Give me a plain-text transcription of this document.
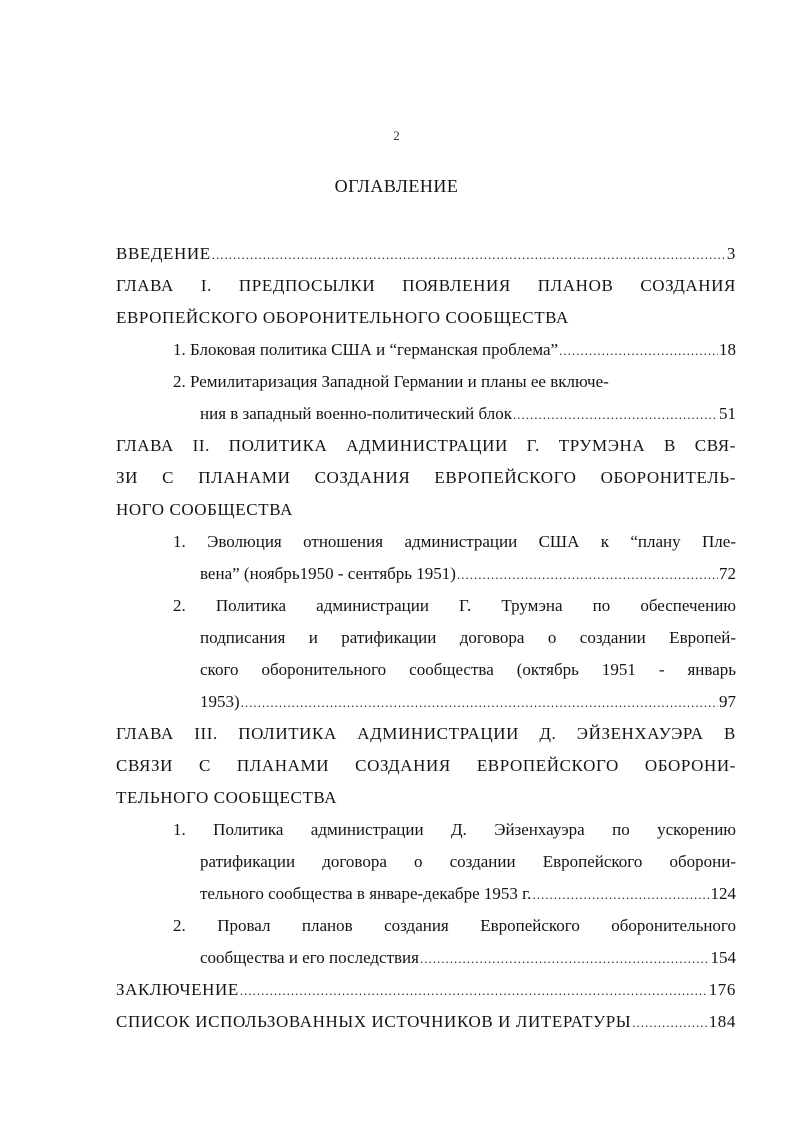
2
ОГЛАВЛЕНИЕ
ВВЕДЕНИЕ .....	3
ГЛАВА I. ПРЕДПОСЫЛКИ ПОЯВЛЕНИЯ ПЛАНОВ СОЗДАНИЯ
ЕВРОПЕЙСКОГО ОБОРОНИТЕЛЬНОГО СООБЩЕСТВА
1. Блоковая политика США и “германская проблема” .....	18
2. Ремилитаризация Западной Германии и планы ее включе-
ния в западный военно-политический блок .....	51
ГЛАВА II. ПОЛИТИКА АДМИНИСТРАЦИИ Г. ТРУМЭНА В СВЯ-
ЗИ С ПЛАНАМИ СОЗДАНИЯ ЕВРОПЕЙСКОГО ОБОРОНИТЕЛЬ-
НОГО СООБЩЕСТВА
1. Эволюция отношения администрации США к “плану Пле-
вена” (ноябрь1950 - сентябрь 1951) .....	72
2. Политика администрации Г. Трумэна по обеспечению
подписания и ратификации договора о создании Европей-
ского оборонительного сообщества (октябрь 1951 - январь
1953) .....	97
ГЛАВА III. ПОЛИТИКА АДМИНИСТРАЦИИ Д. ЭЙЗЕНХАУЭРА В
СВЯЗИ С ПЛАНАМИ СОЗДАНИЯ ЕВРОПЕЙСКОГО ОБОРОНИ-
ТЕЛЬНОГО СООБЩЕСТВА
1. Политика администрации Д. Эйзенхауэра по ускорению
ратификации договора о создании Европейского оборони-
тельного сообщества в январе-декабре 1953 г. .....	124
2. Провал планов создания Европейского оборонительного
сообщества и его последствия .....	154
ЗАКЛЮЧЕНИЕ .....	176
СПИСОК ИСПОЛЬЗОВАННЫХ ИСТОЧНИКОВ И ЛИТЕРАТУРЫ .....	184
